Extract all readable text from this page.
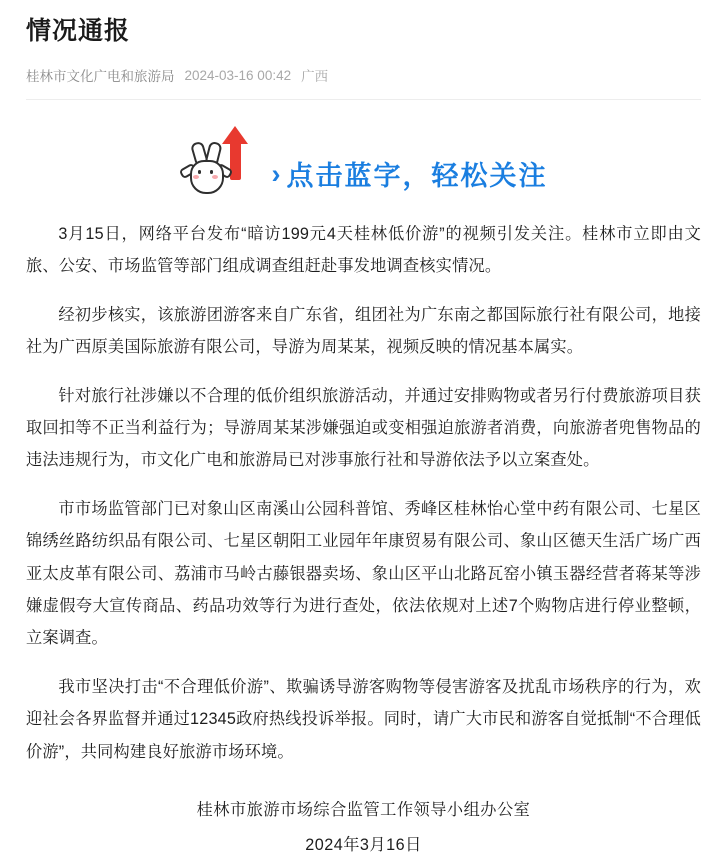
情况通报
桂林市文化广电和旅游局 2024-03-16 00:42 广西
› 点击蓝字，轻松关注

3月15日，网络平台发布“暗访199元4天桂林低价游”的视频引发关注。桂林市立即由文旅、公安、市场监管等部门组成调查组赶赴事发地调查核实情况。

经初步核实，该旅游团游客来自广东省，组团社为广东南之都国际旅行社有限公司，地接社为广西原美国际旅游有限公司，导游为周某某，视频反映的情况基本属实。

针对旅行社涉嫌以不合理的低价组织旅游活动，并通过安排购物或者另行付费旅游项目获取回扣等不正当利益行为；导游周某某涉嫌强迫或变相强迫旅游者消费，向旅游者兜售物品的违法违规行为，市文化广电和旅游局已对涉事旅行社和导游依法予以立案查处。

市市场监管部门已对象山区南溪山公园科普馆、秀峰区桂林怡心堂中药有限公司、七星区锦绣丝路纺织品有限公司、七星区朝阳工业园年年康贸易有限公司、象山区德天生活广场广西亚太皮革有限公司、荔浦市马岭古藤银器卖场、象山区平山北路瓦窑小镇玉器经营者蒋某等涉嫌虚假夸大宣传商品、药品功效等行为进行查处，依法依规对上述7个购物店进行停业整顿，立案调查。

我市坚决打击“不合理低价游”、欺骗诱导游客购物等侵害游客及扰乱市场秩序的行为，欢迎社会各界监督并通过12345政府热线投诉举报。同时，请广大市民和游客自觉抵制“不合理低价游”，共同构建良好旅游市场环境。

桂林市旅游市场综合监管工作领导小组办公室
2024年3月16日
